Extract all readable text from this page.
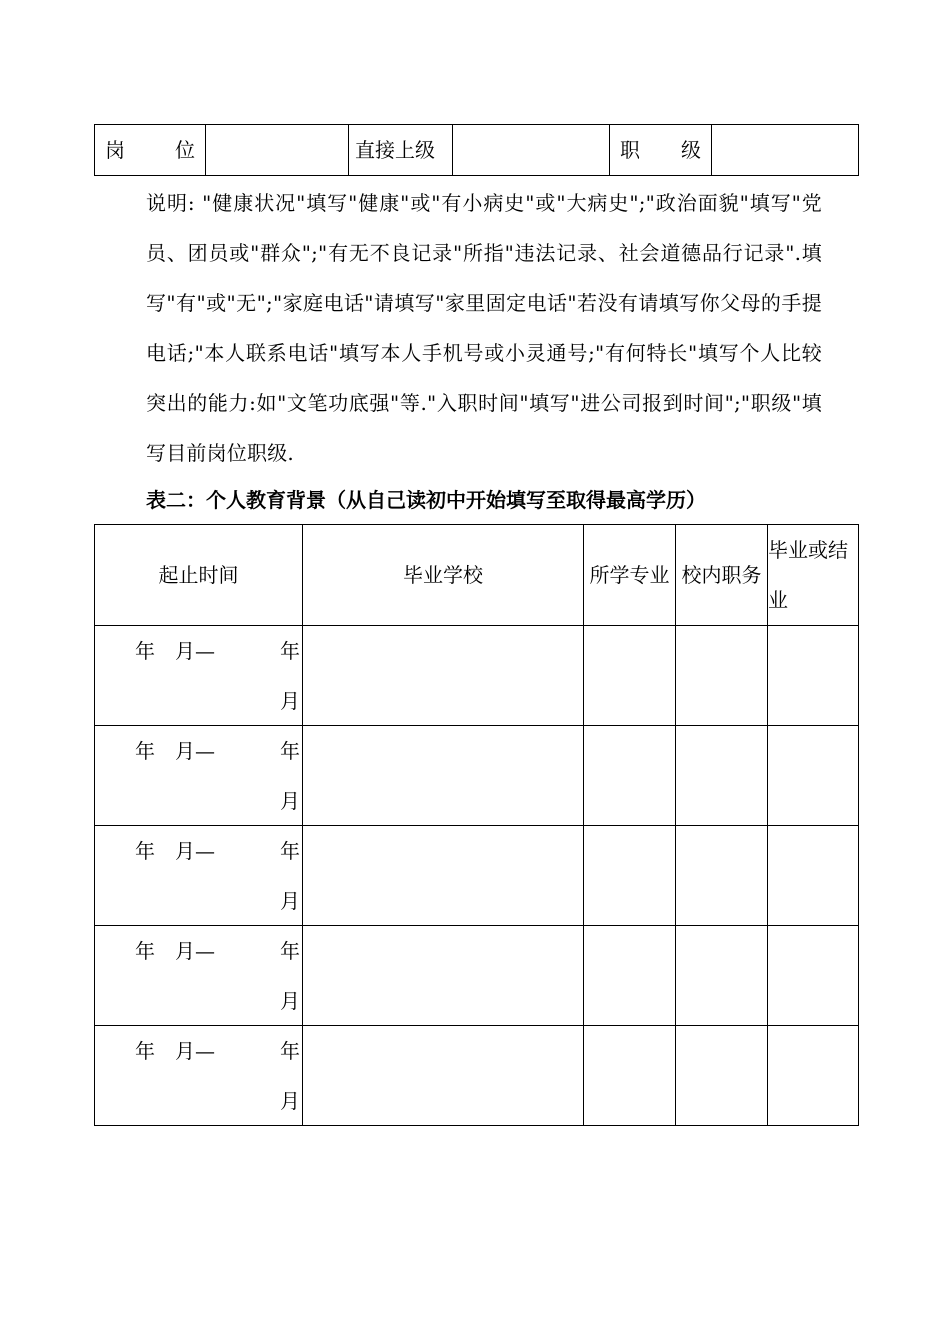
岗	位		直接上级		职 级

说明: "健康状况"填写"健康"或"有小病史"或"大病史";"政治面貌"填写"党员、团员或"群众";"有无不良记录"所指"违法记录、社会道德品行记录".填写"有"或"无";"家庭电话"请填写"家里固定电话"若没有请填写你父母的手提电话;"本人联系电话"填写本人手机号或小灵通号;"有何特长"填写个人比较突出的能力:如"文笔功底强"等."入职时间"填写"进公司报到时间";"职级"填写目前岗位职级.

表二：个人教育背景（从自己读初中开始填写至取得最高学历）

起止时间	毕业学校	所学专业	校内职务	毕业或结业

年　月— 年
月				

年　月— 年
月				

年　月— 年
月				

年　月— 年
月				

年　月— 年
月				
